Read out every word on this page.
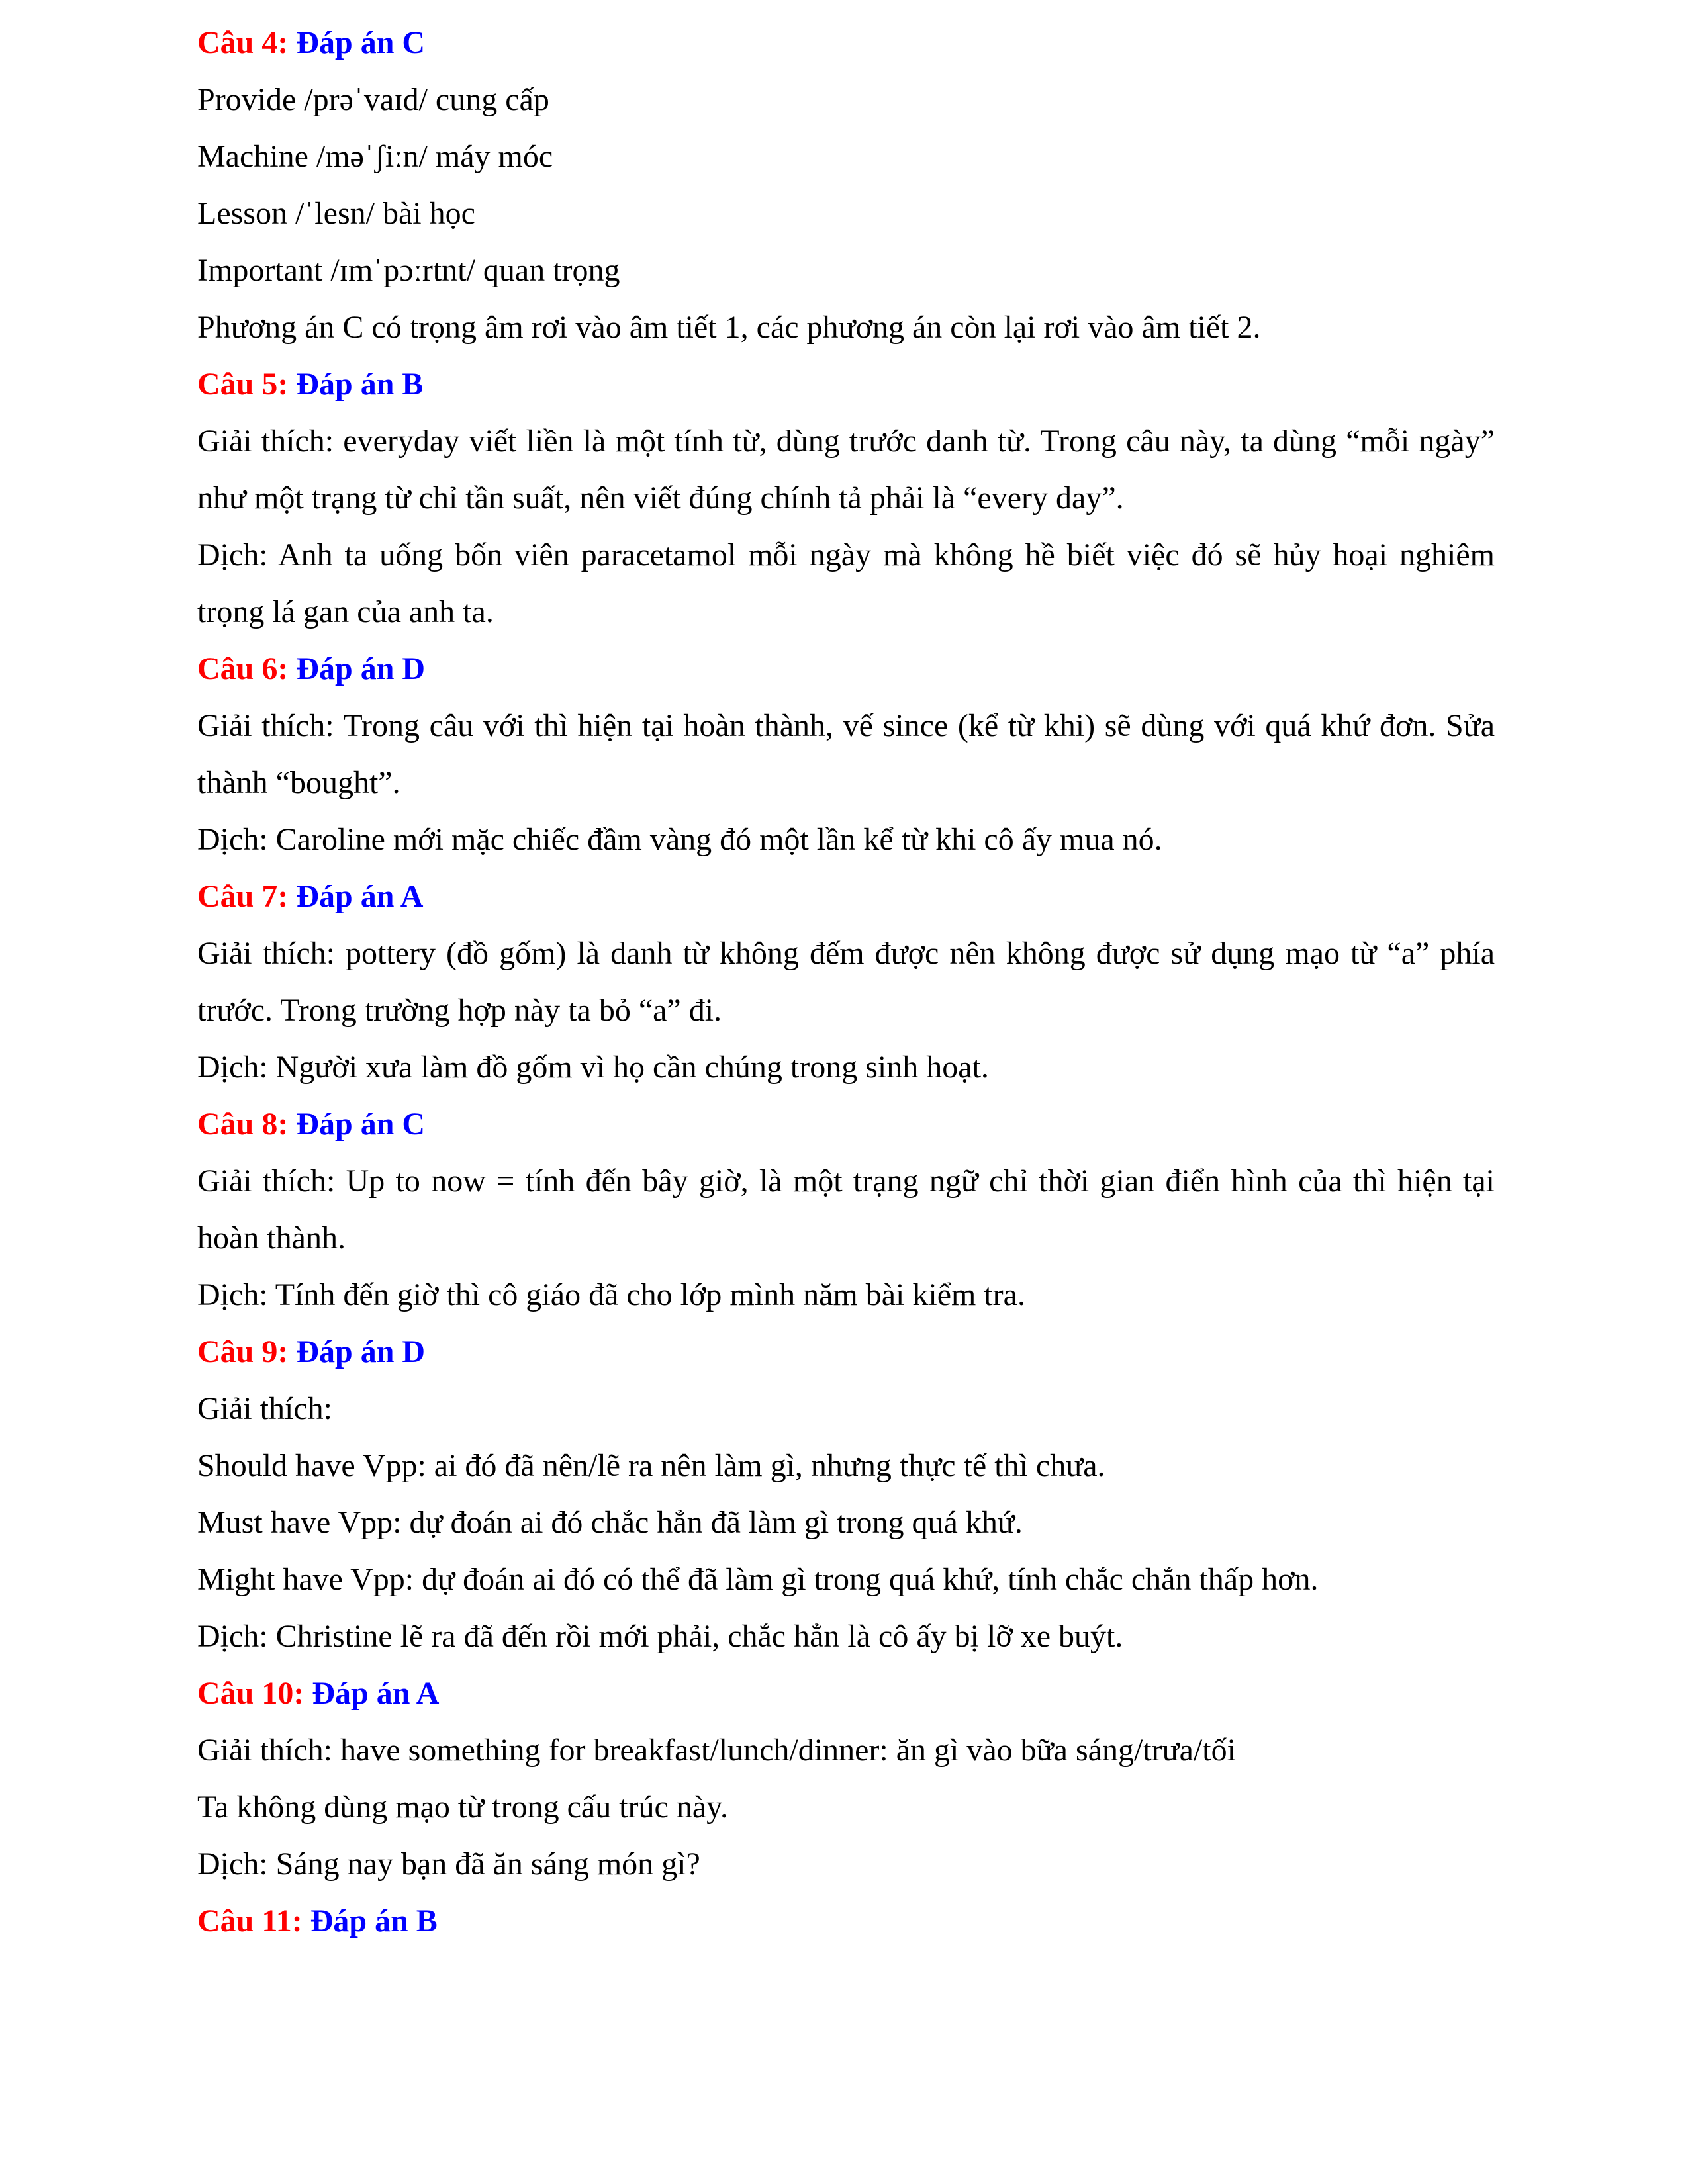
Câu 4: Đáp án C
Provide /prəˈvaɪd/ cung cấp
Machine /məˈʃiːn/ máy móc
Lesson /ˈlesn/ bài học
Important /ɪmˈpɔːrtnt/ quan trọng
Phương án C có trọng âm rơi vào âm tiết 1, các phương án còn lại rơi vào âm tiết 2.
Câu 5: Đáp án B
Giải thích: everyday viết liền là một tính từ, dùng trước danh từ. Trong câu này, ta dùng “mỗi ngày” như một trạng từ chỉ tần suất, nên viết đúng chính tả phải là “every day”.
Dịch: Anh ta uống bốn viên paracetamol mỗi ngày mà không hề biết việc đó sẽ hủy hoại nghiêm trọng lá gan của anh ta.
Câu 6: Đáp án D
Giải thích: Trong câu với thì hiện tại hoàn thành, vế since (kể từ khi) sẽ dùng với quá khứ đơn. Sửa thành “bought”.
Dịch: Caroline mới mặc chiếc đầm vàng đó một lần kể từ khi cô ấy mua nó.
Câu 7: Đáp án A
Giải thích: pottery (đồ gốm) là danh từ không đếm được nên không được sử dụng mạo từ “a” phía trước. Trong trường hợp này ta bỏ “a” đi.
Dịch: Người xưa làm đồ gốm vì họ cần chúng trong sinh hoạt.
Câu 8: Đáp án C
Giải thích: Up to now = tính đến bây giờ, là một trạng ngữ chỉ thời gian điển hình của thì hiện tại hoàn thành.
Dịch: Tính đến giờ thì cô giáo đã cho lớp mình năm bài kiểm tra.
Câu 9: Đáp án D
Giải thích:
Should have Vpp: ai đó đã nên/lẽ ra nên làm gì, nhưng thực tế thì chưa.
Must have Vpp: dự đoán ai đó chắc hẳn đã làm gì trong quá khứ.
Might have Vpp: dự đoán ai đó có thể đã làm gì trong quá khứ, tính chắc chắn thấp hơn.
Dịch: Christine lẽ ra đã đến rồi mới phải, chắc hẳn là cô ấy bị lỡ xe buýt.
Câu 10: Đáp án A
Giải thích: have something for breakfast/lunch/dinner: ăn gì vào bữa sáng/trưa/tối
Ta không dùng mạo từ trong cấu trúc này.
Dịch: Sáng nay bạn đã ăn sáng món gì?
Câu 11: Đáp án B
